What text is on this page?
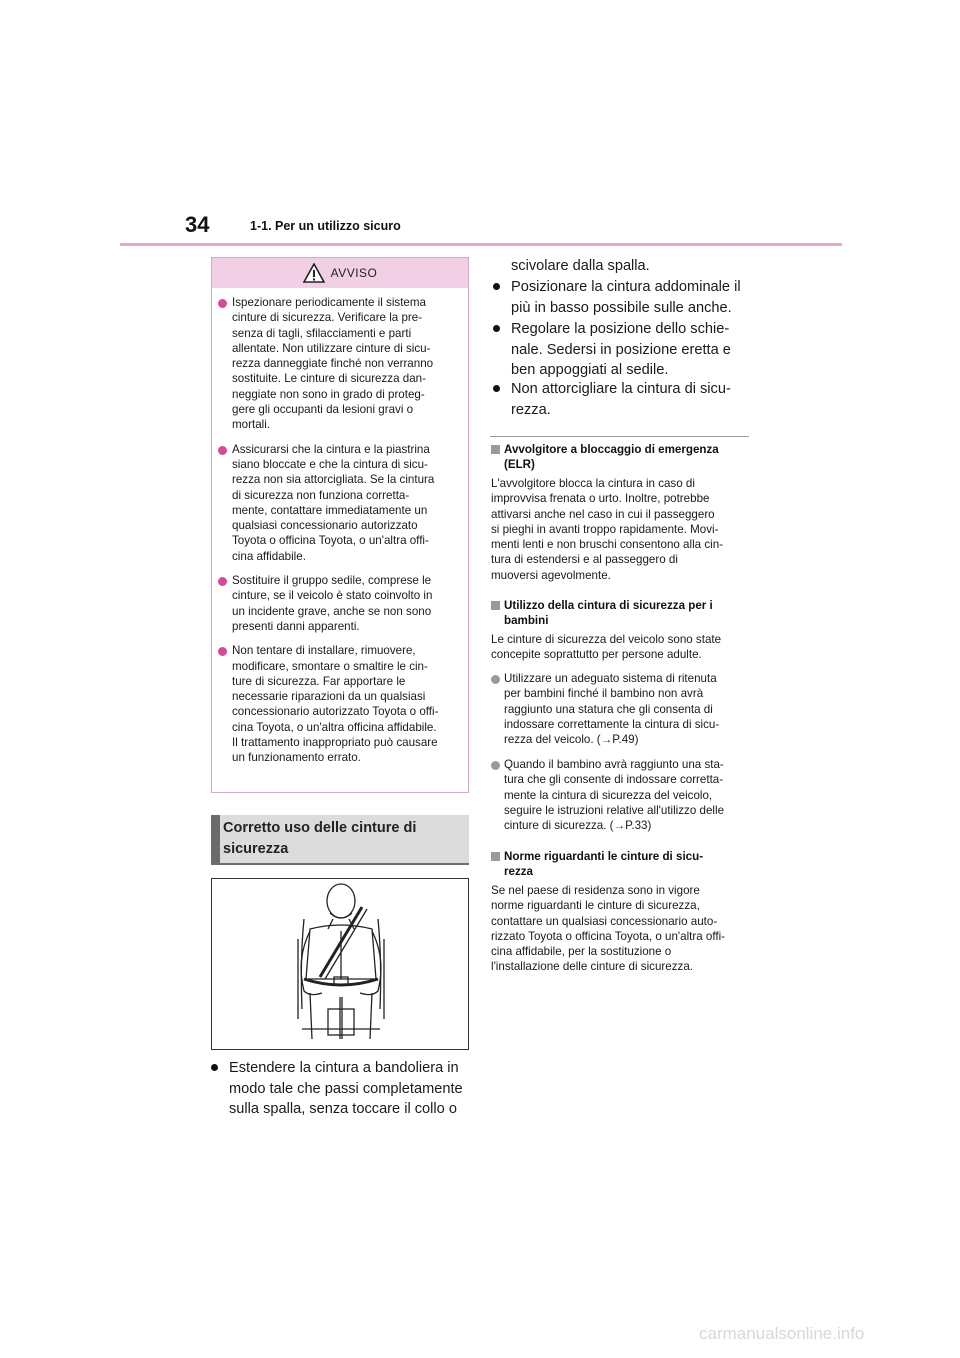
34	1-1. Per un utilizzo sicuro
AVVISO
Ispezionare periodicamente il sistema
cinture di sicurezza. Verificare la pre-
senza di tagli, sfilacciamenti e parti
allentate. Non utilizzare cinture di sicu-
rezza danneggiate finché non verranno
sostituite. Le cinture di sicurezza dan-
neggiate non sono in grado di proteg-
gere gli occupanti da lesioni gravi o
mortali.
Assicurarsi che la cintura e la piastrina
siano bloccate e che la cintura di sicu-
rezza non sia attorcigliata. Se la cintura
di sicurezza non funziona corretta-
mente, contattare immediatamente un
qualsiasi concessionario autorizzato
Toyota o officina Toyota, o un'altra offi-
cina affidabile.
Sostituire il gruppo sedile, comprese le
cinture, se il veicolo è stato coinvolto in
un incidente grave, anche se non sono
presenti danni apparenti.
Non tentare di installare, rimuovere,
modificare, smontare o smaltire le cin-
ture di sicurezza. Far apportare le
necessarie riparazioni da un qualsiasi
concessionario autorizzato Toyota o offi-
cina Toyota, o un'altra officina affidabile.
Il trattamento inappropriato può causare
un funzionamento errato.
Corretto uso delle cinture di
sicurezza
Estendere la cintura a bandoliera in
modo tale che passi completamente
sulla spalla, senza toccare il collo o
scivolare dalla spalla.
Posizionare la cintura addominale il
più in basso possibile sulle anche.
Regolare la posizione dello schie-
nale. Sedersi in posizione eretta e
ben appoggiati al sedile.
Non attorcigliare la cintura di sicu-
rezza.
Avvolgitore a bloccaggio di emergenza
(ELR)
L'avvolgitore blocca la cintura in caso di
improvvisa frenata o urto. Inoltre, potrebbe
attivarsi anche nel caso in cui il passeggero
si pieghi in avanti troppo rapidamente. Movi-
menti lenti e non bruschi consentono alla cin-
tura di estendersi e al passeggero di
muoversi agevolmente.
Utilizzo della cintura di sicurezza per i
bambini
Le cinture di sicurezza del veicolo sono state
concepite soprattutto per persone adulte.
Utilizzare un adeguato sistema di ritenuta
per bambini finché il bambino non avrà
raggiunto una statura che gli consenta di
indossare correttamente la cintura di sicu-
rezza del veicolo. (→P.49)
Quando il bambino avrà raggiunto una sta-
tura che gli consente di indossare corretta-
mente la cintura di sicurezza del veicolo,
seguire le istruzioni relative all'utilizzo delle
cinture di sicurezza. (→P.33)
Norme riguardanti le cinture di sicu-
rezza
Se nel paese di residenza sono in vigore
norme riguardanti le cinture di sicurezza,
contattare un qualsiasi concessionario auto-
rizzato Toyota o officina Toyota, o un'altra offi-
cina affidabile, per la sostituzione o
l'installazione delle cinture di sicurezza.
carmanualsonline.info
